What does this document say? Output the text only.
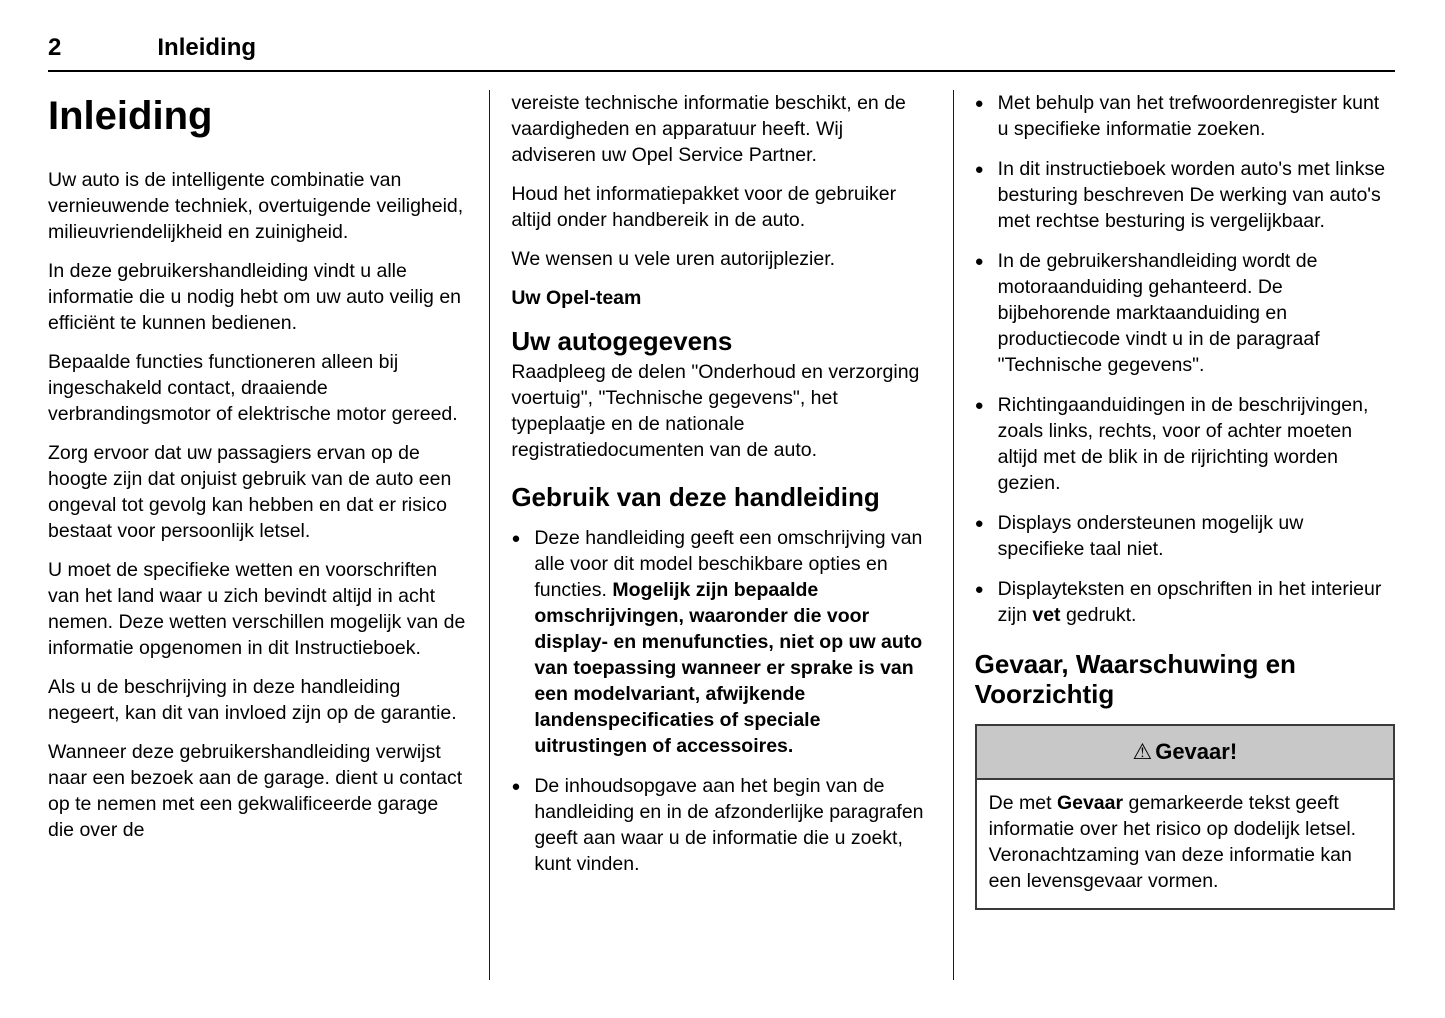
2	Inleiding
Inleiding

Uw auto is de intelligente combinatie van vernieuwende techniek, overtuigende veiligheid, milieuvriendelijkheid en zuinigheid.

In deze gebruikershandleiding vindt u alle informatie die u nodig hebt om uw auto veilig en efficiënt te kunnen bedienen.

Bepaalde functies functioneren alleen bij ingeschakeld contact, draaiende verbrandingsmotor of elektrische motor gereed.

Zorg ervoor dat uw passagiers ervan op de hoogte zijn dat onjuist gebruik van de auto een ongeval tot gevolg kan hebben en dat er risico bestaat voor persoonlijk letsel.

U moet de specifieke wetten en voorschriften van het land waar u zich bevindt altijd in acht nemen. Deze wetten verschillen mogelijk van de informatie opgenomen in dit Instructieboek.

Als u de beschrijving in deze handleiding negeert, kan dit van invloed zijn op de garantie.

Wanneer deze gebruikershandleiding verwijst naar een bezoek aan de garage. dient u contact op te nemen met een gekwalificeerde garage die over de

vereiste technische informatie beschikt, en de vaardigheden en apparatuur heeft. Wij adviseren uw Opel Service Partner.

Houd het informatiepakket voor de gebruiker altijd onder handbereik in de auto.

We wensen u vele uren autorijplezier.

Uw Opel-team

Uw autogegevens

Raadpleeg de delen "Onderhoud en verzorging voertuig", "Technische gegevens", het typeplaatje en de nationale registratiedocumenten van de auto.

Gebruik van deze handleiding
●
Deze handleiding geeft een omschrijving van alle voor dit model beschikbare opties en functies. Mogelijk zijn bepaalde omschrijvingen, waaronder die voor display- en menufuncties, niet op uw auto van toepassing wanneer er sprake is van een modelvariant, afwijkende landenspecificaties of speciale uitrustingen of accessoires.
●
De inhoudsopgave aan het begin van de handleiding en in de afzonderlijke paragrafen geeft aan waar u de informatie die u zoekt, kunt vinden.
●
Met behulp van het trefwoordenregister kunt u specifieke informatie zoeken.
●
In dit instructieboek worden auto's met linkse besturing beschreven De werking van auto's met rechtse besturing is vergelijkbaar.
●
In de gebruikershandleiding wordt de motoraanduiding gehanteerd. De bijbehorende marktaanduiding en productiecode vindt u in de paragraaf "Technische gegevens".
●
Richtingaanduidingen in de beschrijvingen, zoals links, rechts, voor of achter moeten altijd met de blik in de rijrichting worden gezien.
●
Displays ondersteunen mogelijk uw specifieke taal niet.
●
Displayteksten en opschriften in het interieur zijn vet gedrukt.
Gevaar, Waarschuwing en Voorzichtig
⚠ Gevaar!
De met Gevaar gemarkeerde tekst geeft informatie over het risico op dodelijk letsel. Veronachtzaming van deze informatie kan een levensgevaar vormen.
